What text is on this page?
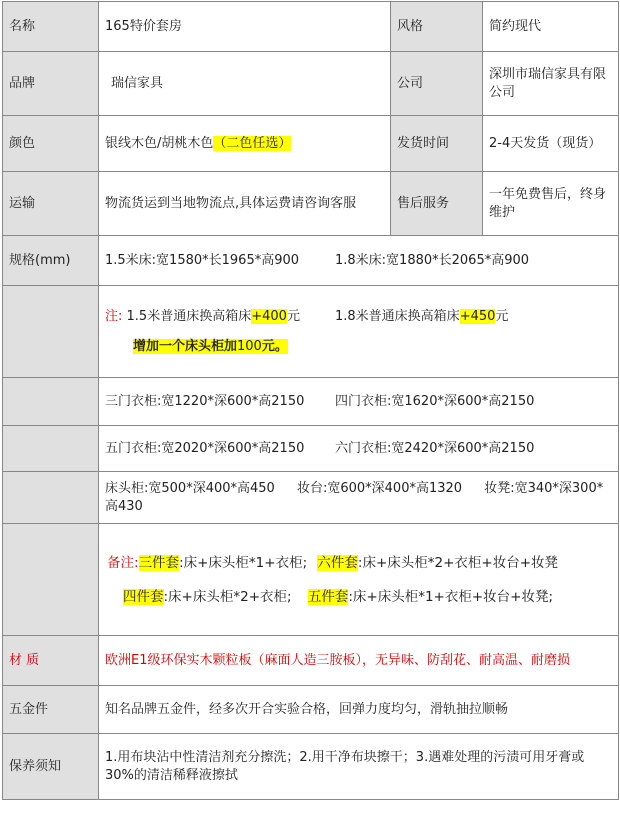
名称	165特价套房	风格	简约现代
品牌	瑞信家具	公司	深圳市瑞信家具有限公司
颜色	银线木色/胡桃木色（二色任选）	发货时间	2-4天发货（现货）
运输	物流货运到当地物流点,具体运费请咨询客服	售后服务	一年免费售后，终身维护
规格(mm)	1.5米床:宽1580*长1965*高900 1.8米床:宽1880*长2065*高900		

	注: 1.5米普通床换高箱床+400元 1.8米普通床换高箱床+450元
增加一个床头柜加100元。		

	三门衣柜:宽1220*深600*高2150 四门衣柜:宽1620*深600*高2150		

	五门衣柜:宽2020*深600*高2150 六门衣柜:宽2420*深600*高2150		

	床头柜:宽500*深400*高450 妆台:宽600*深400*高1320 妆凳:宽340*深300*高430		

	备注:三件套:床+床头柜*1+衣柜; 六件套:床+床头柜*2+衣柜+妆台+妆凳
四件套:床+床头柜*2+衣柜; 五件套:床+床头柜*1+衣柜+妆台+妆凳;		

材 质	欧洲E1级环保实木颗粒板（麻面人造三胺板），无异味、防刮花、耐高温、耐磨损		
五金件	知名品牌五金件，经多次开合实验合格，回弹力度均匀，滑轨抽拉顺畅		
保养须知	1.用布块沾中性清洁剂充分擦洗；2.用干净布块擦干；3.遇难处理的污渍可用牙膏或30%的清洁稀释液擦拭		
